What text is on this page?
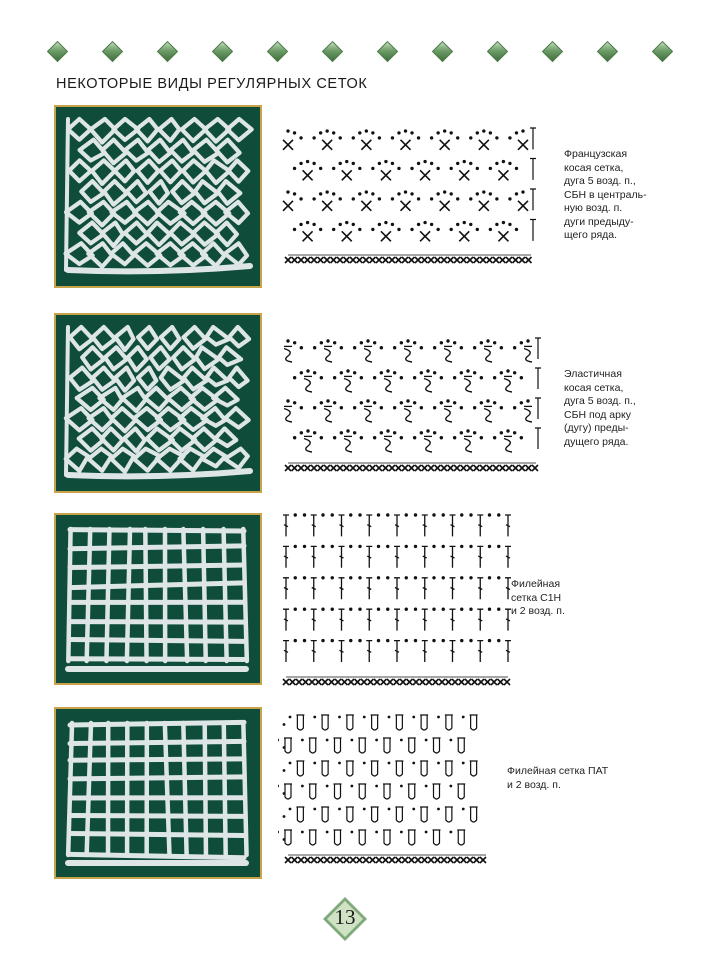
НЕКОТОРЫЕ ВИДЫ РЕГУЛЯРНЫХ СЕТОК
Французская
косая сетка,
дуга 5 возд. п.,
СБН в централь-
ную возд. п.
дуги предыду-
щего ряда.
Эластичная
косая сетка,
дуга 5 возд. п.,
СБН под арку
(дугу) преды-
дущего ряда.
Филейная
сетка С1Н
и 2 возд. п.
Филейная сетка ПАТ
и 2 возд. п.
13
